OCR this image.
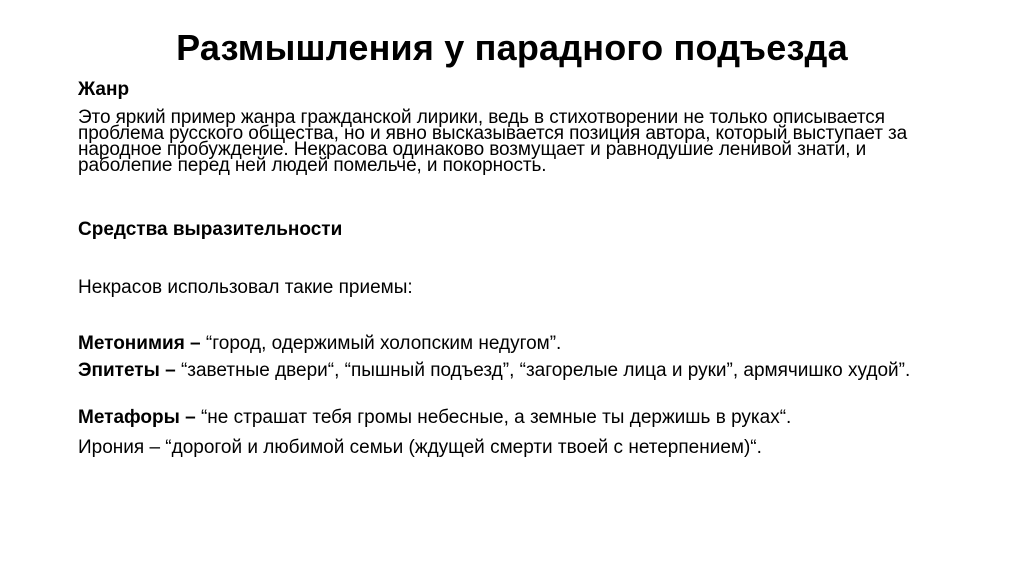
Размышления у парадного подъезда
Жанр
Это яркий пример жанра гражданской лирики, ведь в стихотворении не только описывается проблема русского общества, но и явно высказывается позиция автора, который выступает за народное пробуждение. Некрасова одинаково возмущает и равнодушие ленивой знати, и раболепие перед ней людей помельче, и покорность.
Средства выразительности
Некрасов использовал такие приемы:
Метонимия – “город, одержимый холопским недугом”.
Эпитеты – “заветные двери“, “пышный подъезд”, “загорелые лица и руки”, армячишко худой”.
Метафоры – “не страшат тебя громы небесные, а земные ты держишь в руках“.
Ирония – “дорогой и любимой семьи (ждущей смерти твоей с нетерпением)“.
